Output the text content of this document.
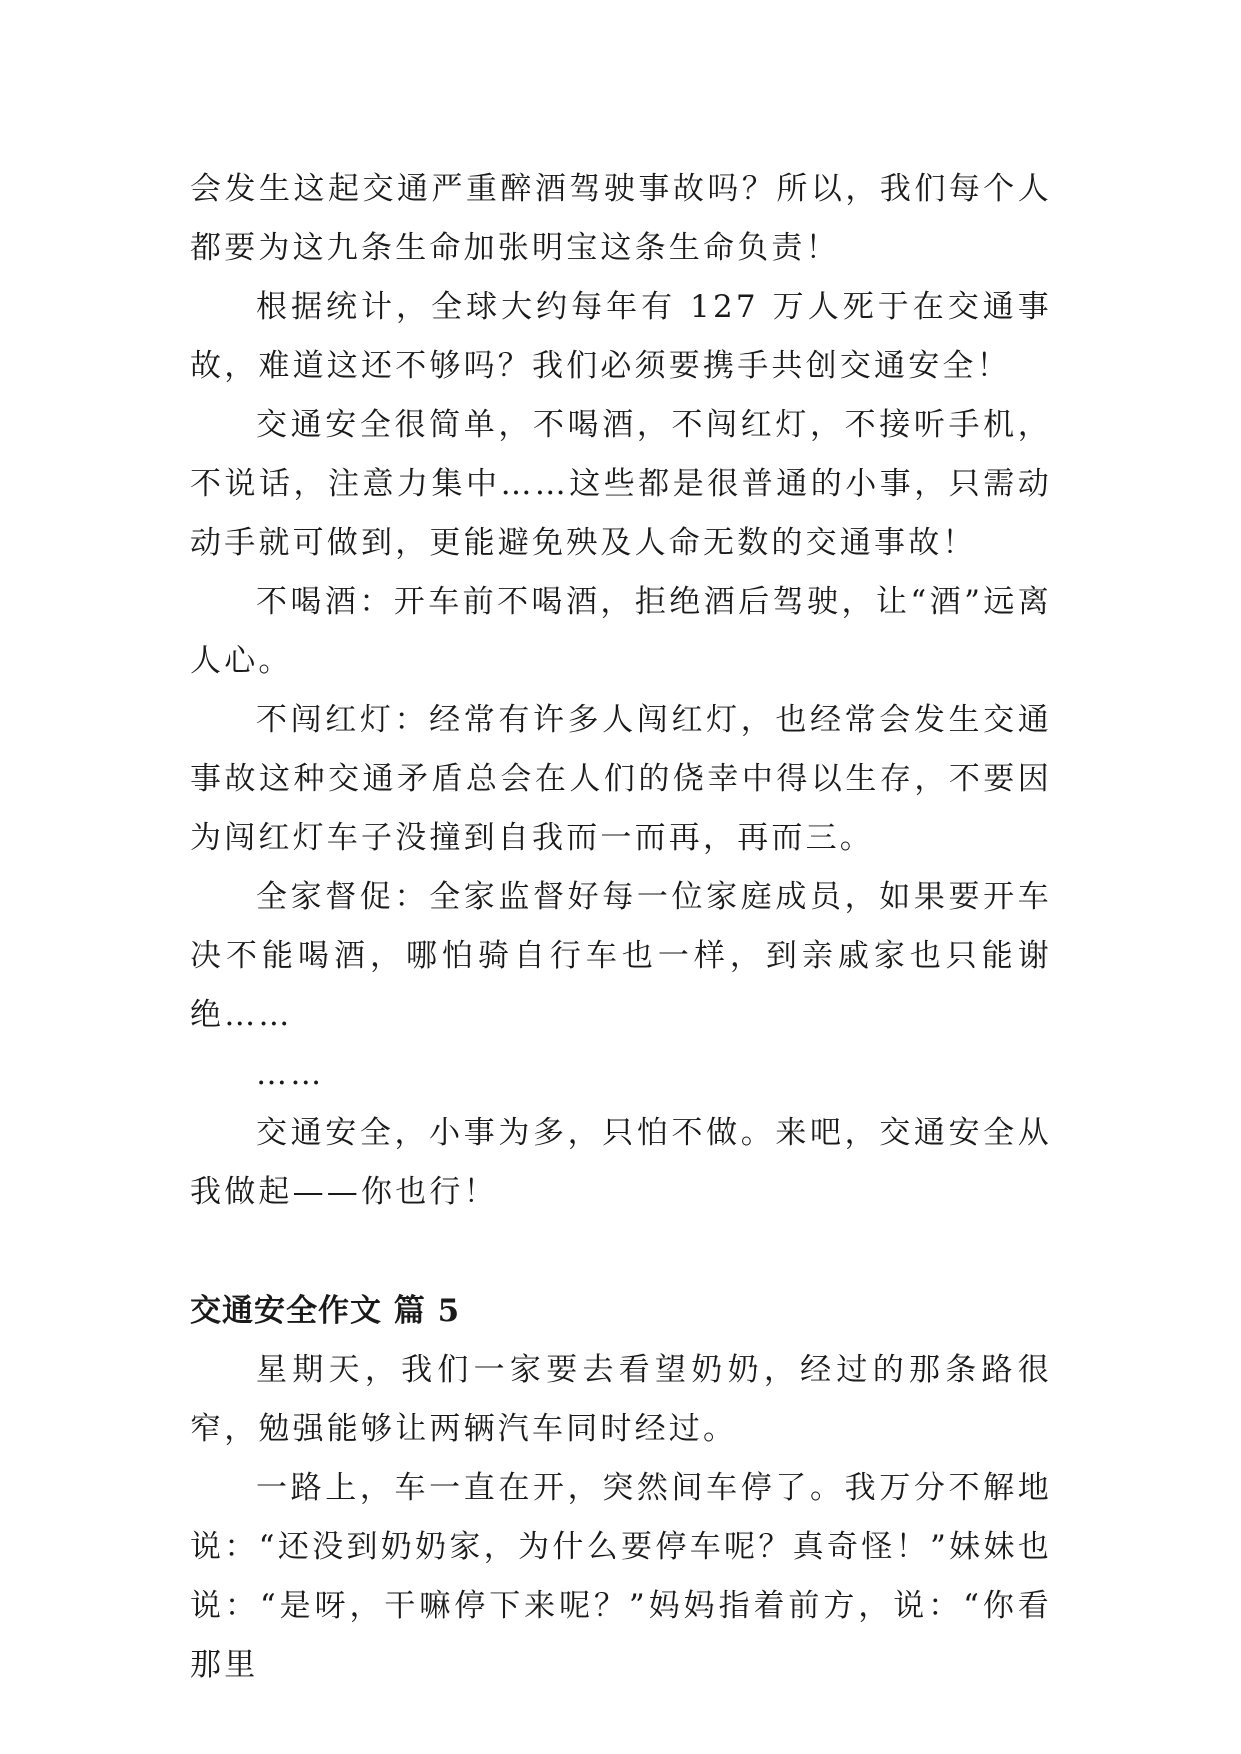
会发生这起交通严重醉酒驾驶事故吗？所以，我们每个人都要为这九条生命加张明宝这条生命负责！

根据统计，全球大约每年有 127 万人死于在交通事故，难道这还不够吗？我们必须要携手共创交通安全！

交通安全很简单，不喝酒，不闯红灯，不接听手机，不说话，注意力集中……这些都是很普通的小事，只需动动手就可做到，更能避免殃及人命无数的交通事故！

不喝酒：开车前不喝酒，拒绝酒后驾驶，让“酒”远离人心。

不闯红灯：经常有许多人闯红灯，也经常会发生交通事故这种交通矛盾总会在人们的侥幸中得以生存，不要因为闯红灯车子没撞到自我而一而再，再而三。

全家督促：全家监督好每一位家庭成员，如果要开车决不能喝酒，哪怕骑自行车也一样，到亲戚家也只能谢绝……

……

交通安全，小事为多，只怕不做。来吧，交通安全从我做起——你也行！

交通安全作文 篇 5

星期天，我们一家要去看望奶奶，经过的那条路很窄，勉强能够让两辆汽车同时经过。

一路上，车一直在开，突然间车停了。我万分不解地说：“还没到奶奶家，为什么要停车呢？真奇怪！”妹妹也说：“是呀，干嘛停下来呢？”妈妈指着前方，说：“你看那里
